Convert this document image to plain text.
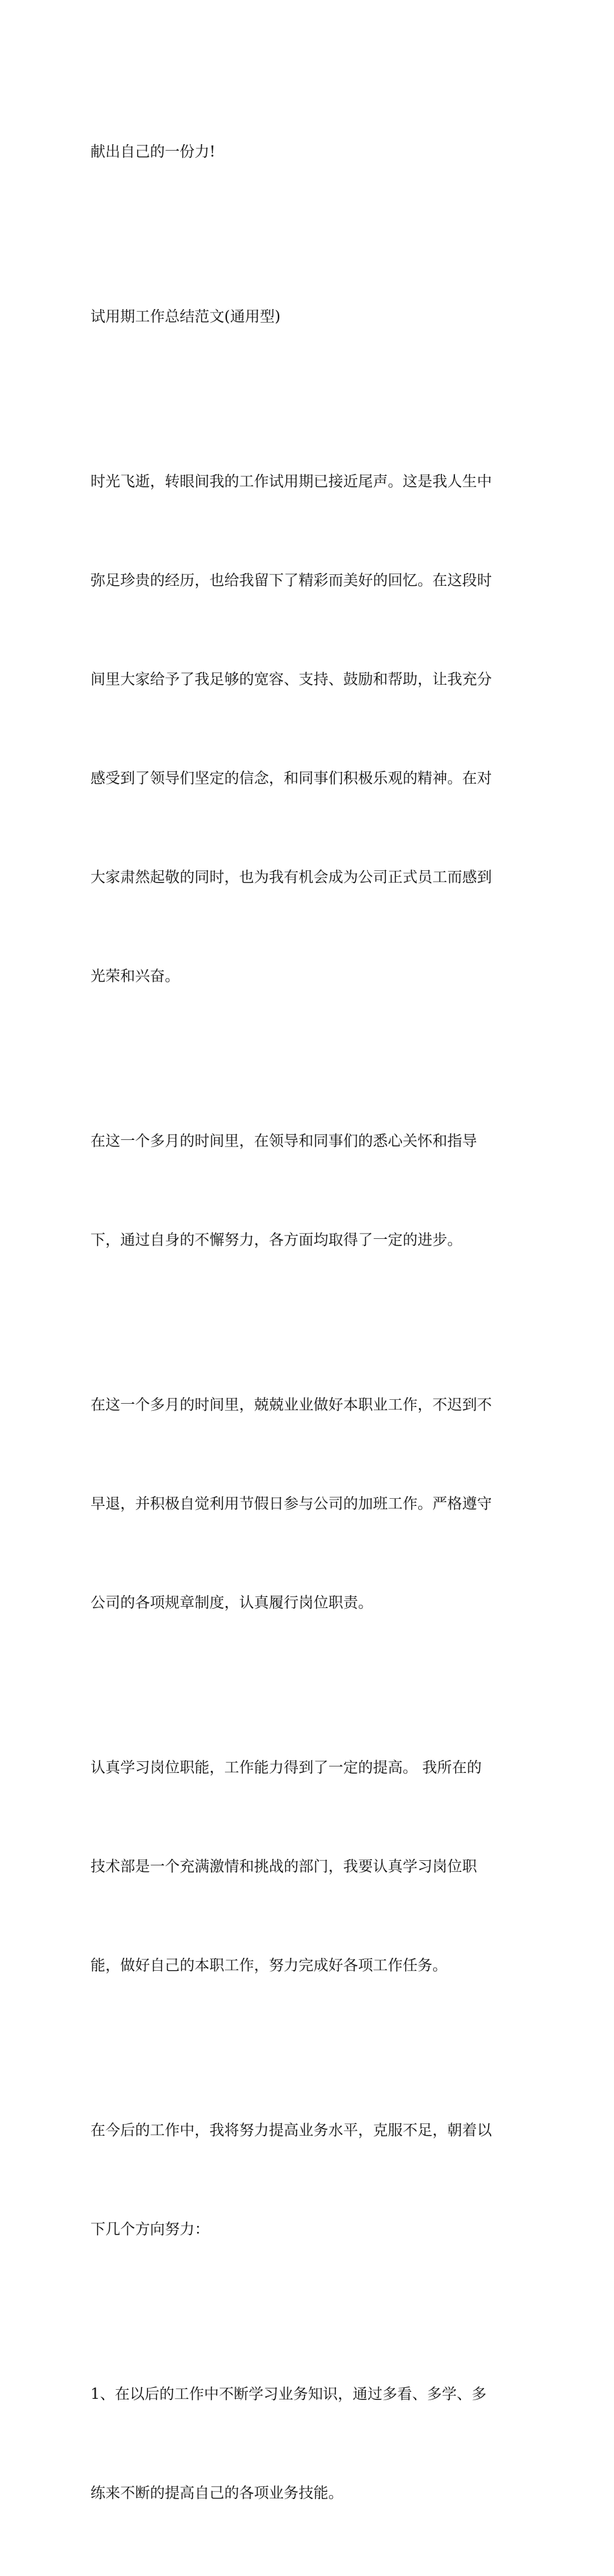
献出自己的一份力!

试用期工作总结范文(通用型)

时光飞逝，转眼间我的工作试用期已接近尾声。这是我人生中

弥足珍贵的经历，也给我留下了精彩而美好的回忆。在这段时

间里大家给予了我足够的宽容、支持、鼓励和帮助，让我充分

感受到了领导们坚定的信念，和同事们积极乐观的精神。在对

大家肃然起敬的同时，也为我有机会成为公司正式员工而感到

光荣和兴奋。

在这一个多月的时间里，在领导和同事们的悉心关怀和指导

下，通过自身的不懈努力，各方面均取得了一定的进步。

在这一个多月的时间里，兢兢业业做好本职业工作，不迟到不

早退，并积极自觉利用节假日参与公司的加班工作。严格遵守

公司的各项规章制度，认真履行岗位职责。

认真学习岗位职能，工作能力得到了一定的提高。 我所在的

技术部是一个充满激情和挑战的部门，我要认真学习岗位职

能，做好自己的本职工作，努力完成好各项工作任务。

在今后的工作中，我将努力提高业务水平，克服不足，朝着以

下几个方向努力：

1、在以后的工作中不断学习业务知识，通过多看、多学、多

练来不断的提高自己的各项业务技能。
